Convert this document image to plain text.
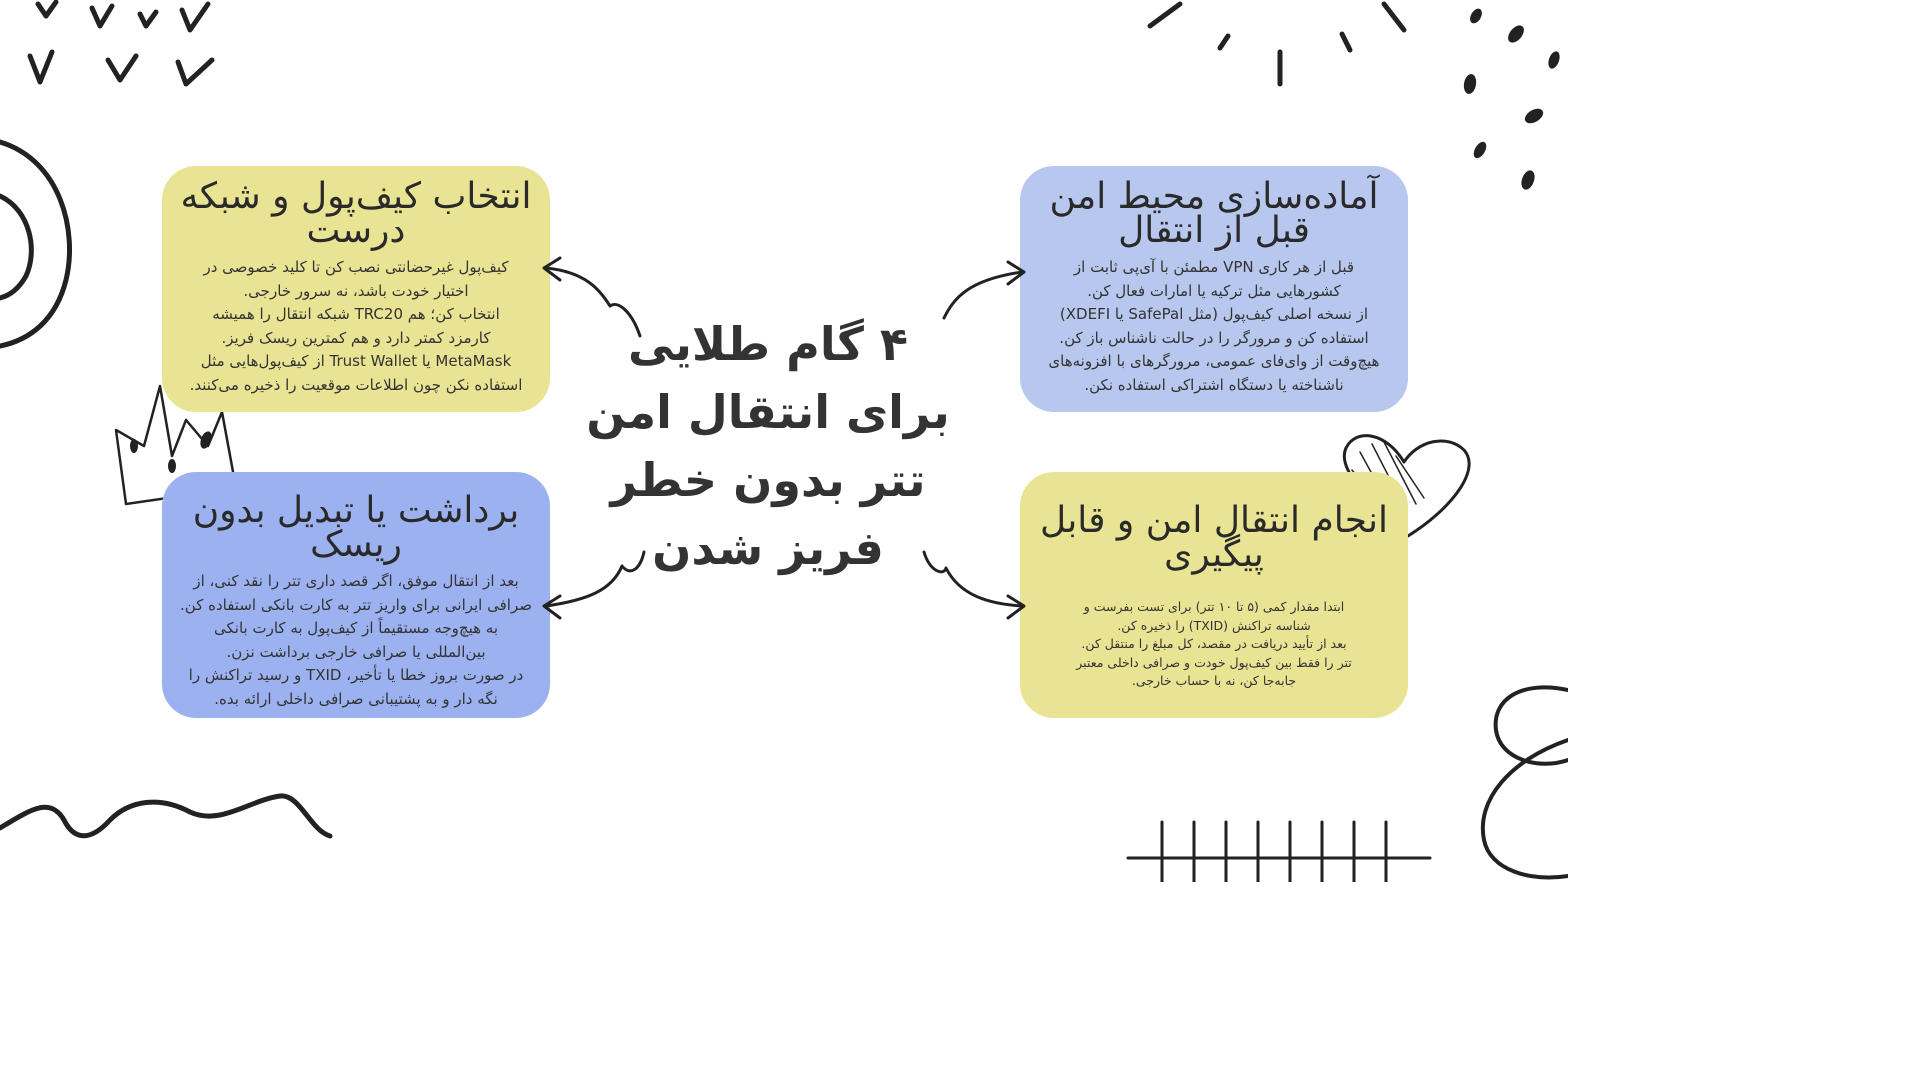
آماده‌سازی محیط امن قبل از انتقال
قبل از هر کاری VPN مطمئن با آی‌پی ثابت از
کشورهایی مثل ترکیه یا امارات فعال کن.
از نسخه اصلی کیف‌پول (مثل SafePal یا XDEFI)
استفاده کن و مرورگر را در حالت ناشناس باز کن.
هیچ‌وقت از وای‌فای عمومی، مرورگرهای با افزونه‌های
ناشناخته یا دستگاه اشتراکی استفاده نکن.
انتخاب کیف‌پول و شبکه درست
کیف‌پول غیرحضانتی نصب کن تا کلید خصوصی در
اختیار خودت باشد، نه سرور خارجی.
انتخاب کن؛ هم TRC20 شبکه انتقال را همیشه
کارمزد کمتر دارد و هم کمترین ریسک فریز.
MetaMask یا Trust Wallet از کیف‌پول‌هایی مثل
استفاده نکن چون اطلاعات موقعیت را ذخیره می‌کنند.
انجام انتقال امن و قابل پیگیری
ابتدا مقدار کمی (۵ تا ۱۰ تتر) برای تست بفرست و
شناسه تراکنش (TXID) را ذخیره کن.
بعد از تأیید دریافت در مقصد، کل مبلغ را منتقل کن.
تتر را فقط بین کیف‌پول خودت و صرافی داخلی معتبر
جابه‌جا کن، نه با حساب خارجی.
برداشت یا تبدیل بدون ریسک
بعد از انتقال موفق، اگر قصد داری تتر را نقد کنی، از
صرافی ایرانی برای واریز تتر به کارت بانکی استفاده کن.
به هیچ‌وجه مستقیماً از کیف‌پول به کارت بانکی
بین‌المللی یا صرافی خارجی برداشت نزن.
در صورت بروز خطا یا تأخیر، TXID و رسید تراکنش را
نگه دار و به پشتیبانی صرافی داخلی ارائه بده.
۴ گام طلایی برای انتقال امن تتر بدون خطر فریز شدن
